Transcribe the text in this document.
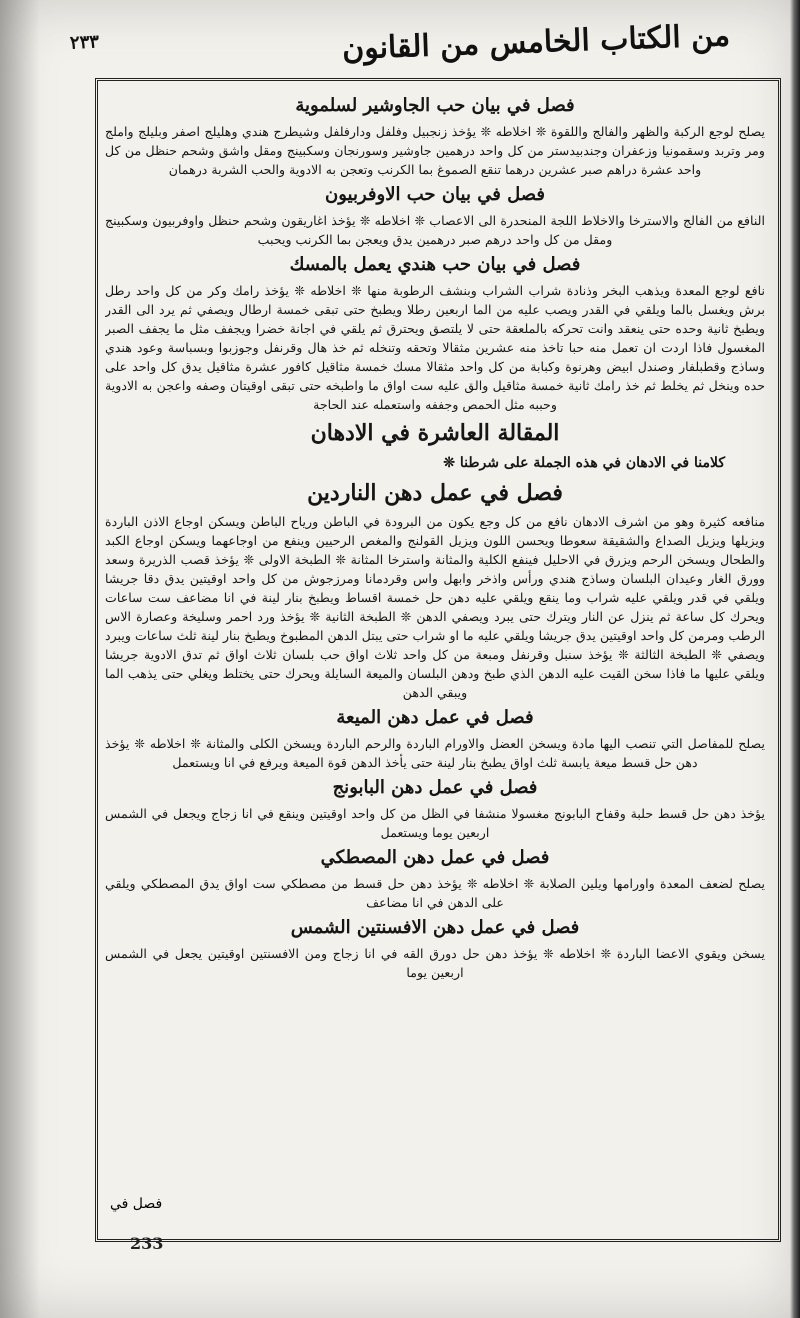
من الكتاب الخامس من القانون
٢٣٣
فصل في بيان حب الجاوشير لسلموية

يصلح لوجع الركبة والظهر والفالج واللقوة ❊ اخلاطه ❊ يؤخذ زنجبيل وفلفل ودارفلفل وشيطرج هندي وهليلج اصفر وبليلج واملج ومر وتربد وسقمونيا وزعفران وجندبيدستر من كل واحد درهمين جاوشير وسورنجان وسكبينج ومقل واشق وشحم حنظل من كل واحد عشرة دراهم صبر عشرين درهما تنقع الصموغ بما الكرنب وتعجن به الادوية والحب الشربة درهمان

فصل في بيان حب الاوفربيون

النافع من الفالج والاسترخا والاخلاط اللجة المنحدرة الى الاعصاب ❊ اخلاطه ❊ يؤخذ اغاريقون وشحم حنظل واوفربيون وسكبينج ومقل من كل واحد درهم صبر درهمين يدق ويعجن بما الكرنب ويحبب

فصل في بيان حب هندي يعمل بالمسك

نافع لوجع المعدة ويذهب البخر وذنادة شراب الشراب وبنشف الرطوبة منها ❊ اخلاطه ❊ يؤخذ رامك وكر من كل واحد رطل برش ويغسل بالما ويلقي في القدر ويصب عليه من الما اربعين رطلا ويطبخ حتى تبقى خمسة ارطال ويصفي ثم يرد الى القدر ويطبخ ثانية وحده حتى ينعقد وانت تحركه بالملعقة حتى لا يلتصق ويحترق ثم يلقي في اجانة خضرا ويجفف مثل ما يجفف الصبر المغسول فاذا اردت ان تعمل منه حبا تاخذ منه عشرين مثقالا وتحقه وتنخله ثم خذ هال وقرنفل وجوزبوا وبسباسة وعود هندي وساذج وقطبلفار وصندل ابيض وهرنوة وكبابة من كل واحد مثقالا مسك خمسة مثاقيل كافور عشرة مثاقيل يدق كل واحد على حده وينخل ثم يخلط ثم خذ رامك ثانية خمسة مثاقيل والق عليه ست اواق ما واطبخه حتى تبقى اوقيتان وصفه واعجن به الادوية وحببه مثل الحمص وجففه واستعمله عند الحاجة

المقالة العاشرة في الادهان
كلامنا في الادهان في هذه الجملة على شرطنا ❊
فصل في عمل دهن الناردين

منافعه كثيرة وهو من اشرف الادهان نافع من كل وجع يكون من البرودة في الباطن ورياح الباطن ويسكن اوجاع الاذن الباردة ويزيلها ويزيل الصداع والشقيقة سعوطا ويحسن اللون ويزيل القولنج والمغص الرحيين وينفع من اوجاعهما ويسكن اوجاع الكبد والطحال ويسخن الرحم ويزرق في الاحليل فينفع الكلية والمثانة واسترخا المثانة ❊ الطبخة الاولى ❊ يؤخذ قصب الذريرة وسعد وورق الغار وعيدان البلسان وساذج هندي ورأس واذخر وابهل واس وقردمانا ومرزجوش من كل واحد اوقيتين يدق دقا جريشا ويلقي في قدر ويلقي عليه شراب وما ينقع ويلقي عليه دهن حل خمسة اقساط ويطبخ بنار لينة في انا مضاعف ست ساعات ويحرك كل ساعة ثم ينزل عن النار ويترك حتى يبرد ويصفي الدهن ❊ الطبخة الثانية ❊ يؤخذ ورد احمر وسليخة وعصارة الاس الرطب ومرمن كل واحد اوقيتين يدق جريشا ويلقي عليه ما او شراب حتى يبتل الدهن المطبوخ ويطبخ بنار لينة ثلث ساعات ويبرد ويصفي ❊ الطبخة الثالثة ❊ يؤخذ سنبل وقرنفل ومبعة من كل واحد ثلاث اواق حب بلسان ثلاث اواق ثم تدق الادوية جريشا ويلقي عليها ما فاذا سخن القيت عليه الدهن الذي طبخ ودهن البلسان والميعة السايلة ويحرك حتى يختلط ويغلي حتى يذهب الما ويبقي الدهن

فصل في عمل دهن الميعة

يصلح للمفاصل التي تنصب اليها مادة ويسخن العضل والاورام الباردة والرحم الباردة ويسخن الكلى والمثانة ❊ اخلاطه ❊ يؤخذ دهن حل قسط ميعة يابسة ثلث اواق يطبخ بنار لينة حتى يأخذ الدهن قوة الميعة ويرفع في انا ويستعمل

فصل في عمل دهن البابونج

يؤخذ دهن حل قسط حلبة وقفاح البابونج مغسولا منشفا في الظل من كل واحد اوقيتين وينقع في انا زجاج ويجعل في الشمس اربعين يوما ويستعمل

فصل في عمل دهن المصطكي

يصلح لضعف المعدة واورامها ويلين الصلابة ❊ اخلاطه ❊ يؤخذ دهن حل قسط من مصطكي ست اواق يدق المصطكي ويلقي على الدهن في انا مضاعف

فصل في عمل دهن الافسنتين الشمس

يسخن ويقوي الاعضا الباردة ❊ اخلاطه ❊ يؤخذ دهن حل دورق القه في انا زجاج ومن الافسنتين اوقيتين يجعل في الشمس اربعين يوما

فصل في
233
